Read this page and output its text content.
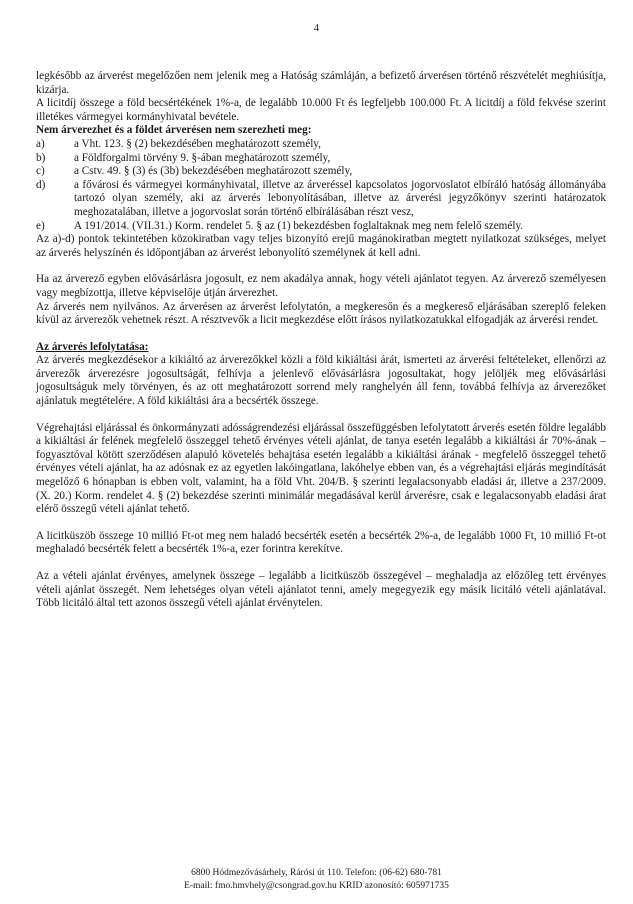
4

legkésőbb az árverést megelőzően nem jelenik meg a Hatóság számláján, a befizető árverésen történő részvételét meghiúsítja, kizárja.

A licitdíj összege a föld becsértékének 1%-a, de legalább 10.000 Ft és legfeljebb 100.000 Ft. A licitdíj a föld fekvése szerint illetékes vármegyei kormányhivatal bevétele.

Nem árverezhet és a földet árverésen nem szerezheti meg:

a)	a Vht. 123. § (2) bekezdésében meghatározott személy,
b)	a Földforgalmi törvény 9. §-ában meghatározott személy,
c)	a Cstv. 49. § (3) és (3b) bekezdésében meghatározott személy,
d)	a fővárosi és vármegyei kormányhivatal, illetve az árveréssel kapcsolatos jogorvoslatot elbíráló hatóság állományába tartozó olyan személy, aki az árverés lebonyolításában, illetve az árverési jegyzőkönyv szerinti határozatok meghozatalában, illetve a jogorvoslat során történő elbírálásában részt vesz,
e)	A 191/2014. (VII.31.) Korm. rendelet 5. § az (1) bekezdésben foglaltaknak meg nem felelő személy.

Az a)-d) pontok tekintetében közokiratban vagy teljes bizonyító erejű magánokiratban megtett nyilatkozat szükséges, melyet az árverés helyszínén és időpontjában az árverést lebonyolító személynek át kell adni.

Ha az árverező egyben elővásárlásra jogosult, ez nem akadálya annak, hogy vételi ajánlatot tegyen. Az árverező személyesen vagy megbízottja, illetve képviselője útján árverezhet.

Az árverés nem nyilvános. Az árverésen az árverést lefolytatón, a megkeresőn és a megkereső eljárásában szereplő feleken kívül az árverezők vehetnek részt. A résztvevők a licit megkezdése előtt írásos nyilatkozatukkal elfogadják az árverési rendet.

Az árverés lefolytatása:

Az árverés megkezdésekor a kikiáltó az árverezőkkel közli a föld kikiáltási árát, ismerteti az árverési feltételeket, ellenőrzi az árverezők árverezésre jogosultságát, felhívja a jelenlevő elővásárlásra jogosultakat, hogy jelöljék meg elővásárlási jogosultságuk mely törvényen, és az ott meghatározott sorrend mely ranghelyén áll fenn, továbbá felhívja az árverezőket ajánlatuk megtételére. A föld kikiáltási ára a becsérték összege.

Végrehajtási eljárással és önkormányzati adósságrendezési eljárással összefüggésben lefolytatott árverés esetén földre legalább a kikiáltási ár felének megfelelő összeggel tehető érvényes vételi ajánlat, de tanya esetén legalább a kikiáltási ár 70%-ának – fogyasztóval kötött szerződésen alapuló követelés behajtása esetén legalább a kikiáltási árának - megfelelő összeggel tehető érvényes vételi ajánlat, ha az adósnak ez az egyetlen lakóingatlana, lakóhelye ebben van, és a végrehajtási eljárás megindítását megelőző 6 hónapban is ebben volt, valamint, ha a föld Vht. 204/B. § szerinti legalacsonyabb eladási ár, illetve a 237/2009. (X. 20.) Korm. rendelet 4. § (2) bekezdése szerinti minimálár megadásával kerül árverésre, csak e legalacsonyabb eladási árat elérő összegű vételi ajánlat tehető.

A licitküszöb összege 10 millió Ft-ot meg nem haladó becsérték esetén a becsérték 2%-a, de legalább 1000 Ft, 10 millió Ft-ot meghaladó becsérték felett a becsérték 1%-a, ezer forintra kerekítve.

Az a vételi ajánlat érvényes, amelynek összege – legalább a licitküszöb összegével – meghaladja az előzőleg tett érvényes vételi ajánlat összegét. Nem lehetséges olyan vételi ajánlatot tenni, amely megegyezik egy másik licitáló vételi ajánlatával. Több licitáló által tett azonos összegű vételi ajánlat érvénytelen.

6800 Hódmezővásárhely, Rárósi út 110. Telefon: (06-62) 680-781
E-mail: fmo.hmvhely@csongrad.gov.hu KRID azonosító: 605971735
